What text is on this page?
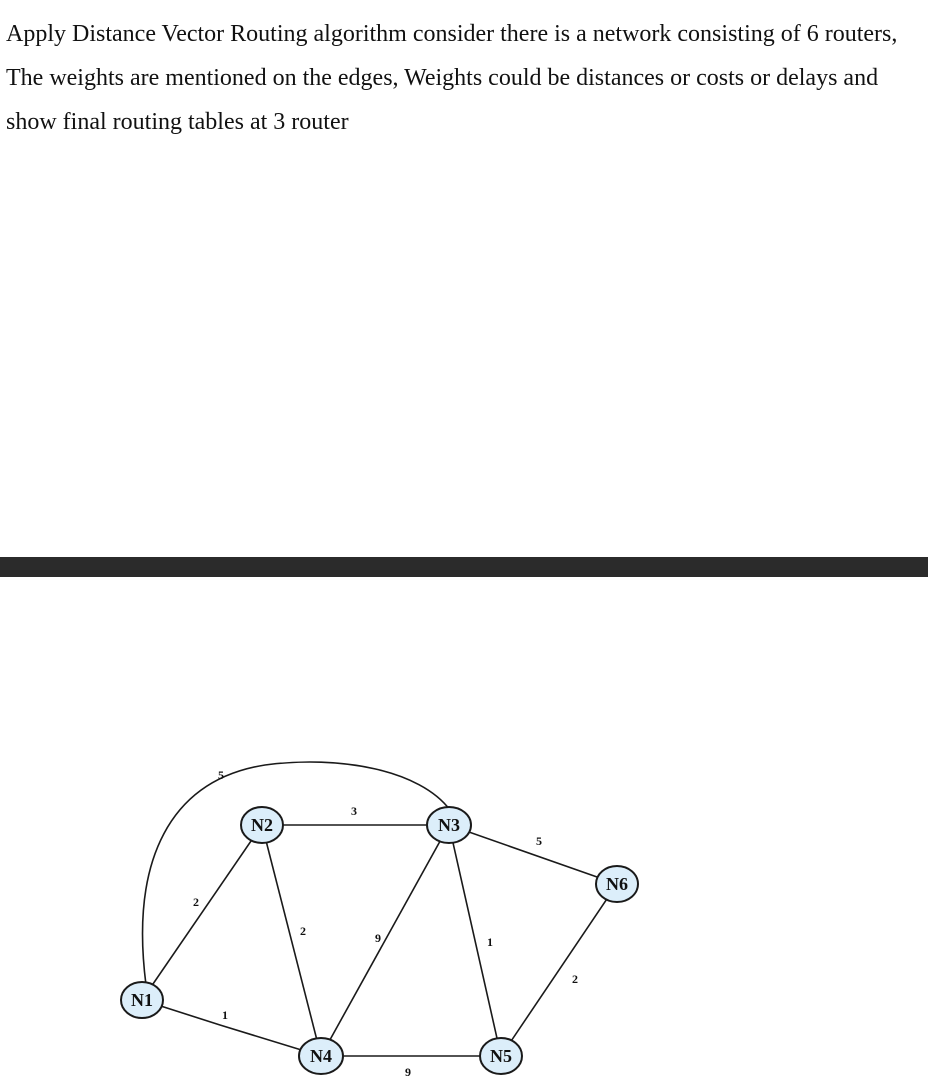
Apply Distance Vector Routing algorithm consider there is a network consisting of 6 routers, The weights are mentioned on the edges, Weights could be distances or costs or delays and show final routing tables at 3 router

5
3
5
2
2	9	1
1
2
9
N1
N2	N3
N4	N5
N6
